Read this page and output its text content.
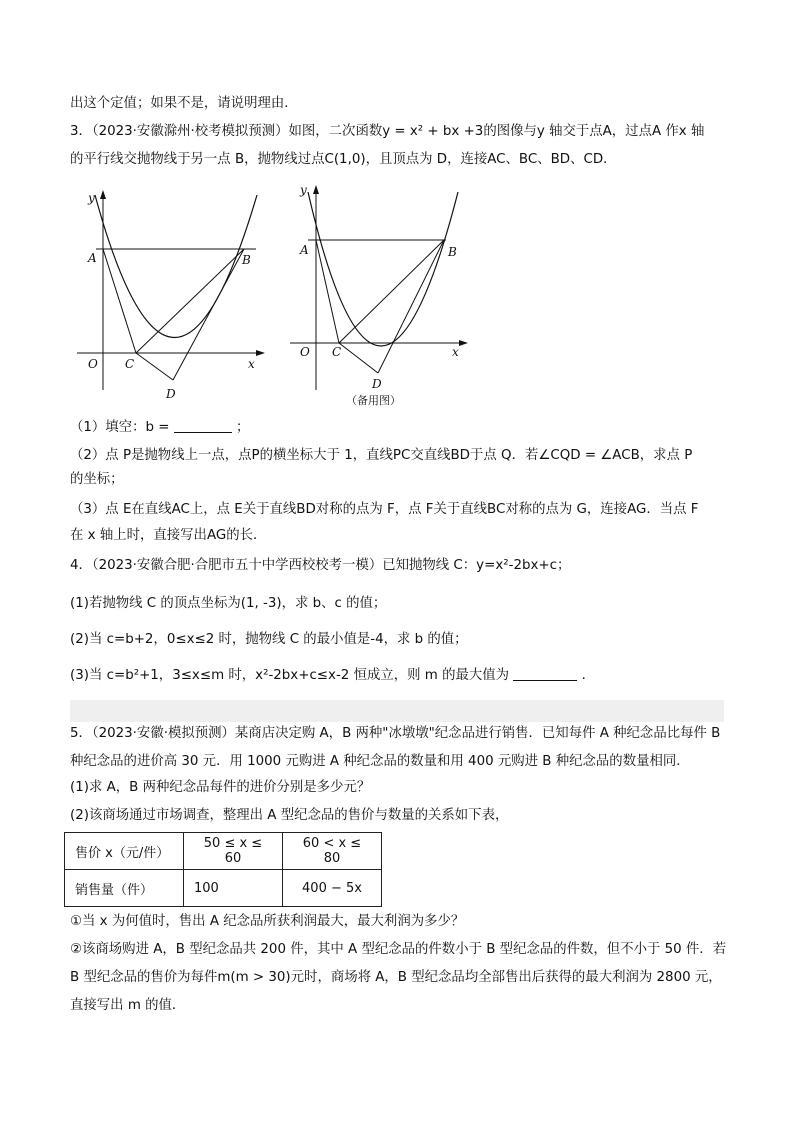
出这个定值；如果不是，请说明理由．
3．（2023·安徽滁州·校考模拟预测）如图，二次函数y = x² + bx +3的图像与y 轴交于点A，过点A 作x 轴
的平行线交抛物线于另一点 B，抛物线过点C(1,0)，且顶点为 D，连接AC、BC、BD、CD．
y
A	B
O C
D
x
y
A	B
O C
D
x
（备用图）
（1）填空：b =	；
（2）点 P是抛物线上一点，点P的横坐标大于 1，直线PC交直线BD于点 Q．若∠CQD = ∠ACB，求点 P
的坐标；
（3）点 E在直线AC上，点 E关于直线BD对称的点为 F，点 F关于直线BC对称的点为 G，连接AG．当点 F
在 x 轴上时，直接写出AG的长．
4．（2023·安徽合肥·合肥市五十中学西校校考一模）已知抛物线 C：y=x²-2bx+c；
(1)若抛物线 C 的顶点坐标为(1, -3)，求 b、c 的值；
(2)当 c=b+2，0≤x≤2 时，抛物线 C 的最小值是-4，求 b 的值；
(3)当 c=b²+1，3≤x≤m 时，x²-2bx+c≤x-2 恒成立，则 m 的最大值为	．
5．（2023·安徽·模拟预测）某商店决定购 A，B 两种"冰墩墩"纪念品进行销售．已知每件 A 种纪念品比每件 B
种纪念品的进价高 30 元．用 1000 元购进 A 种纪念品的数量和用 400 元购进 B 种纪念品的数量相同．
(1)求 A，B 两种纪念品每件的进价分别是多少元？
(2)该商场通过市场调查，整理出 A 型纪念品的售价与数量的关系如下表，
售价 x（元/件）	50 ≤ x ≤ 60	60 < x ≤ 80
销售量（件）	100	400 − 5x
①当 x 为何值时，售出 A 纪念品所获利润最大，最大利润为多少？
②该商场购进 A，B 型纪念品共 200 件，其中 A 型纪念品的件数小于 B 型纪念品的件数，但不小于 50 件．若
B 型纪念品的售价为每件m(m > 30)元时，商场将 A，B 型纪念品均全部售出后获得的最大利润为 2800 元，
直接写出 m 的值．
